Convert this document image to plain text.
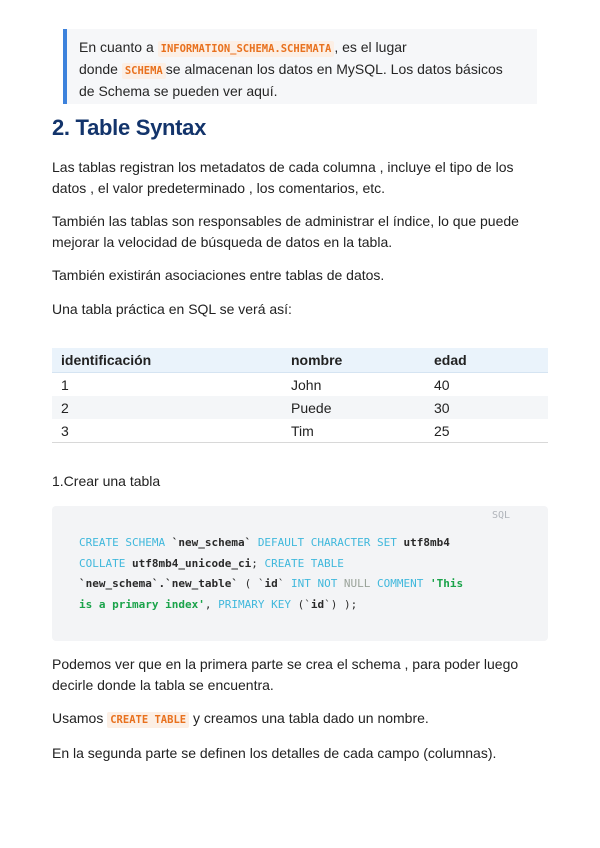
En cuanto a INFORMATION_SCHEMA.SCHEMATA , es el lugar
donde SCHEMA se almacenan los datos en MySQL. Los datos básicos
de Schema se pueden ver aquí.
2. Table Syntax

Las tablas registran los metadatos de cada columna , incluye el tipo de los
datos , el valor predeterminado , los comentarios, etc.

También las tablas son responsables de administrar el índice, lo que puede
mejorar la velocidad de búsqueda de datos en la tabla.

También existirán asociaciones entre tablas de datos.

Una tabla práctica en SQL se verá así:

identificación	nombre	edad
1	John	40
2	Puede	30
3	Tim	25

1.Crear una tabla

SQL
CREATE SCHEMA `new_schema` DEFAULT CHARACTER SET utf8mb4
COLLATE utf8mb4_unicode_ci; CREATE TABLE
`new_schema`.`new_table` ( `id` INT NOT NULL COMMENT 'This
is a primary index', PRIMARY KEY (`id`) );

Podemos ver que en la primera parte se crea el schema , para poder luego
decirle donde la tabla se encuentra.

Usamos CREATE TABLE y creamos una tabla dado un nombre.

En la segunda parte se definen los detalles de cada campo (columnas).
